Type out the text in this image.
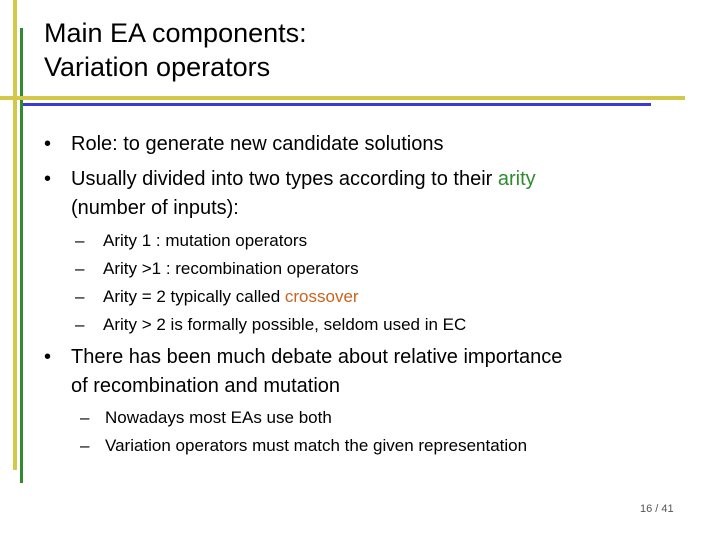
Main EA components:
Variation operators
• Role: to generate new candidate solutions
• Usually divided into two types according to their arity
(number of inputs):
– Arity 1 : mutation operators
– Arity >1 : recombination operators
– Arity = 2 typically called crossover
– Arity > 2 is formally possible, seldom used in EC
• There has been much debate about relative importance
of recombination and mutation
– Nowadays most EAs use both
– Variation operators must match the given representation
16 / 41
